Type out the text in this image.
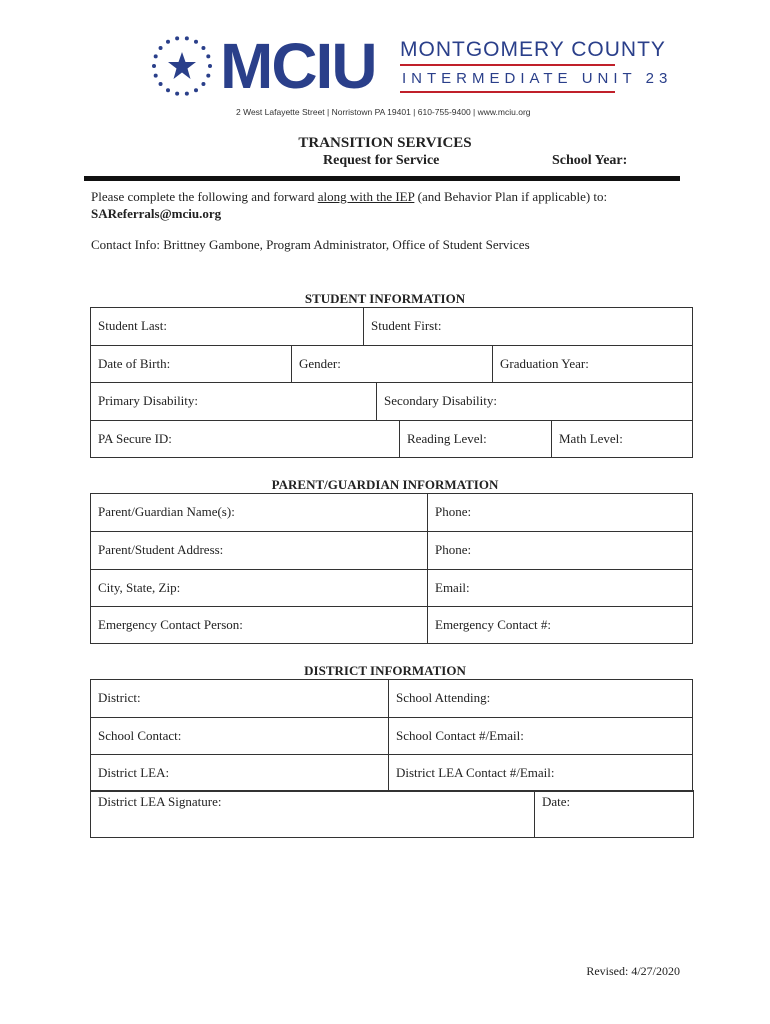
MCIU MONTGOMERY COUNTY
INTERMEDIATE UNIT 23
2 West Lafayette Street | Norristown PA 19401 | 610-755-9400 | www.mciu.org
TRANSITION SERVICES
Request for Service	School Year:
Please complete the following and forward along with the IEP (and Behavior Plan if applicable) to:
SAReferrals@mciu.org
Contact Info: Brittney Gambone, Program Administrator, Office of Student Services
STUDENT INFORMATION
Student Last:	Student First:
Date of Birth:	Gender:	Graduation Year:
Primary Disability:	Secondary Disability:
PA Secure ID:	Reading Level:	Math Level:
PARENT/GUARDIAN INFORMATION
Parent/Guardian Name(s):	Phone:
Parent/Student Address:	Phone:
City, State, Zip:	Email:
Emergency Contact Person:	Emergency Contact #:
DISTRICT INFORMATION
District:	School Attending:
School Contact:	School Contact #/Email:
District LEA:	District LEA Contact #/Email:
District LEA Signature:	Date:
Revised: 4/27/2020
